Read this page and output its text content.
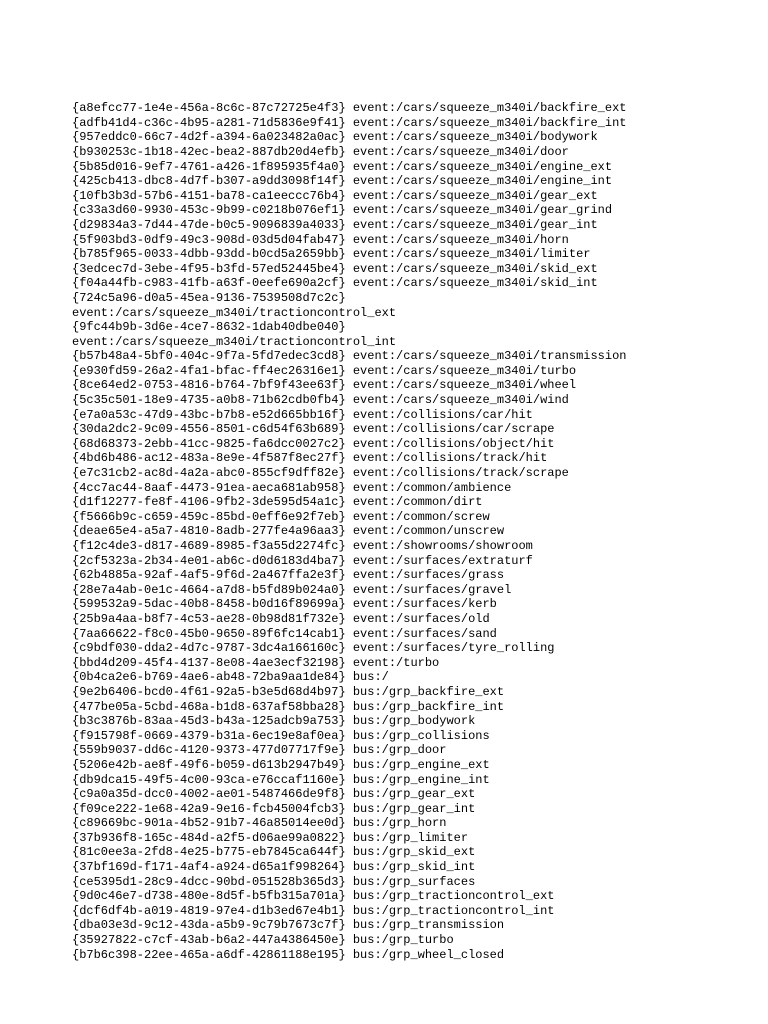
{a8efcc77-1e4e-456a-8c6c-87c72725e4f3} event:/cars/squeeze_m340i/backfire_ext
{adfb41d4-c36c-4b95-a281-71d5836e9f41} event:/cars/squeeze_m340i/backfire_int
{957eddc0-66c7-4d2f-a394-6a023482a0ac} event:/cars/squeeze_m340i/bodywork
{b930253c-1b18-42ec-bea2-887db20d4efb} event:/cars/squeeze_m340i/door
{5b85d016-9ef7-4761-a426-1f895935f4a0} event:/cars/squeeze_m340i/engine_ext
{425cb413-dbc8-4d7f-b307-a9dd3098f14f} event:/cars/squeeze_m340i/engine_int
{10fb3b3d-57b6-4151-ba78-ca1eeccc76b4} event:/cars/squeeze_m340i/gear_ext
{c33a3d60-9930-453c-9b99-c0218b076ef1} event:/cars/squeeze_m340i/gear_grind
{d29834a3-7d44-47de-b0c5-9096839a4033} event:/cars/squeeze_m340i/gear_int
{5f903bd3-0df9-49c3-908d-03d5d04fab47} event:/cars/squeeze_m340i/horn
{b785f965-0033-4dbb-93dd-b0cd5a2659bb} event:/cars/squeeze_m340i/limiter
{3edcec7d-3ebe-4f95-b3fd-57ed52445be4} event:/cars/squeeze_m340i/skid_ext
{f04a44fb-c983-41fb-a63f-0eefe690a2cf} event:/cars/squeeze_m340i/skid_int
{724c5a96-d0a5-45ea-9136-7539508d7c2c}
event:/cars/squeeze_m340i/tractioncontrol_ext
{9fc44b9b-3d6e-4ce7-8632-1dab40dbe040}
event:/cars/squeeze_m340i/tractioncontrol_int
{b57b48a4-5bf0-404c-9f7a-5fd7edec3cd8} event:/cars/squeeze_m340i/transmission
{e930fd59-26a2-4fa1-bfac-ff4ec26316e1} event:/cars/squeeze_m340i/turbo
{8ce64ed2-0753-4816-b764-7bf9f43ee63f} event:/cars/squeeze_m340i/wheel
{5c35c501-18e9-4735-a0b8-71b62cdb0fb4} event:/cars/squeeze_m340i/wind
{e7a0a53c-47d9-43bc-b7b8-e52d665bb16f} event:/collisions/car/hit
{30da2dc2-9c09-4556-8501-c6d54f63b689} event:/collisions/car/scrape
{68d68373-2ebb-41cc-9825-fa6dcc0027c2} event:/collisions/object/hit
{4bd6b486-ac12-483a-8e9e-4f587f8ec27f} event:/collisions/track/hit
{e7c31cb2-ac8d-4a2a-abc0-855cf9dff82e} event:/collisions/track/scrape
{4cc7ac44-8aaf-4473-91ea-aeca681ab958} event:/common/ambience
{d1f12277-fe8f-4106-9fb2-3de595d54a1c} event:/common/dirt
{f5666b9c-c659-459c-85bd-0eff6e92f7eb} event:/common/screw
{deae65e4-a5a7-4810-8adb-277fe4a96aa3} event:/common/unscrew
{f12c4de3-d817-4689-8985-f3a55d2274fc} event:/showrooms/showroom
{2cf5323a-2b34-4e01-ab6c-d0d6183d4ba7} event:/surfaces/extraturf
{62b4885a-92af-4af5-9f6d-2a467ffa2e3f} event:/surfaces/grass
{28e7a4ab-0e1c-4664-a7d8-b5fd89b024a0} event:/surfaces/gravel
{599532a9-5dac-40b8-8458-b0d16f89699a} event:/surfaces/kerb
{25b9a4aa-b8f7-4c53-ae28-0b98d81f732e} event:/surfaces/old
{7aa66622-f8c0-45b0-9650-89f6fc14cab1} event:/surfaces/sand
{c9bdf030-dda2-4d7c-9787-3dc4a166160c} event:/surfaces/tyre_rolling
{bbd4d209-45f4-4137-8e08-4ae3ecf32198} event:/turbo
{0b4ca2e6-b769-4ae6-ab48-72ba9aa1de84} bus:/
{9e2b6406-bcd0-4f61-92a5-b3e5d68d4b97} bus:/grp_backfire_ext
{477be05a-5cbd-468a-b1d8-637af58bba28} bus:/grp_backfire_int
{b3c3876b-83aa-45d3-b43a-125adcb9a753} bus:/grp_bodywork
{f915798f-0669-4379-b31a-6ec19e8af0ea} bus:/grp_collisions
{559b9037-dd6c-4120-9373-477d07717f9e} bus:/grp_door
{5206e42b-ae8f-49f6-b059-d613b2947b49} bus:/grp_engine_ext
{db9dca15-49f5-4c00-93ca-e76ccaf1160e} bus:/grp_engine_int
{c9a0a35d-dcc0-4002-ae01-5487466de9f8} bus:/grp_gear_ext
{f09ce222-1e68-42a9-9e16-fcb45004fcb3} bus:/grp_gear_int
{c89669bc-901a-4b52-91b7-46a85014ee0d} bus:/grp_horn
{37b936f8-165c-484d-a2f5-d06ae99a0822} bus:/grp_limiter
{81c0ee3a-2fd8-4e25-b775-eb7845ca644f} bus:/grp_skid_ext
{37bf169d-f171-4af4-a924-d65a1f998264} bus:/grp_skid_int
{ce5395d1-28c9-4dcc-90bd-051528b365d3} bus:/grp_surfaces
{9d0c46e7-d738-480e-8d5f-b5fb315a701a} bus:/grp_tractioncontrol_ext
{dcf6df4b-a019-4819-97e4-d1b3ed67e4b1} bus:/grp_tractioncontrol_int
{dba03e3d-9c12-43da-a5b9-9c79b7673c7f} bus:/grp_transmission
{35927822-c7cf-43ab-b6a2-447a4386450e} bus:/grp_turbo
{b7b6c398-22ee-465a-a6df-42861188e195} bus:/grp_wheel_closed
